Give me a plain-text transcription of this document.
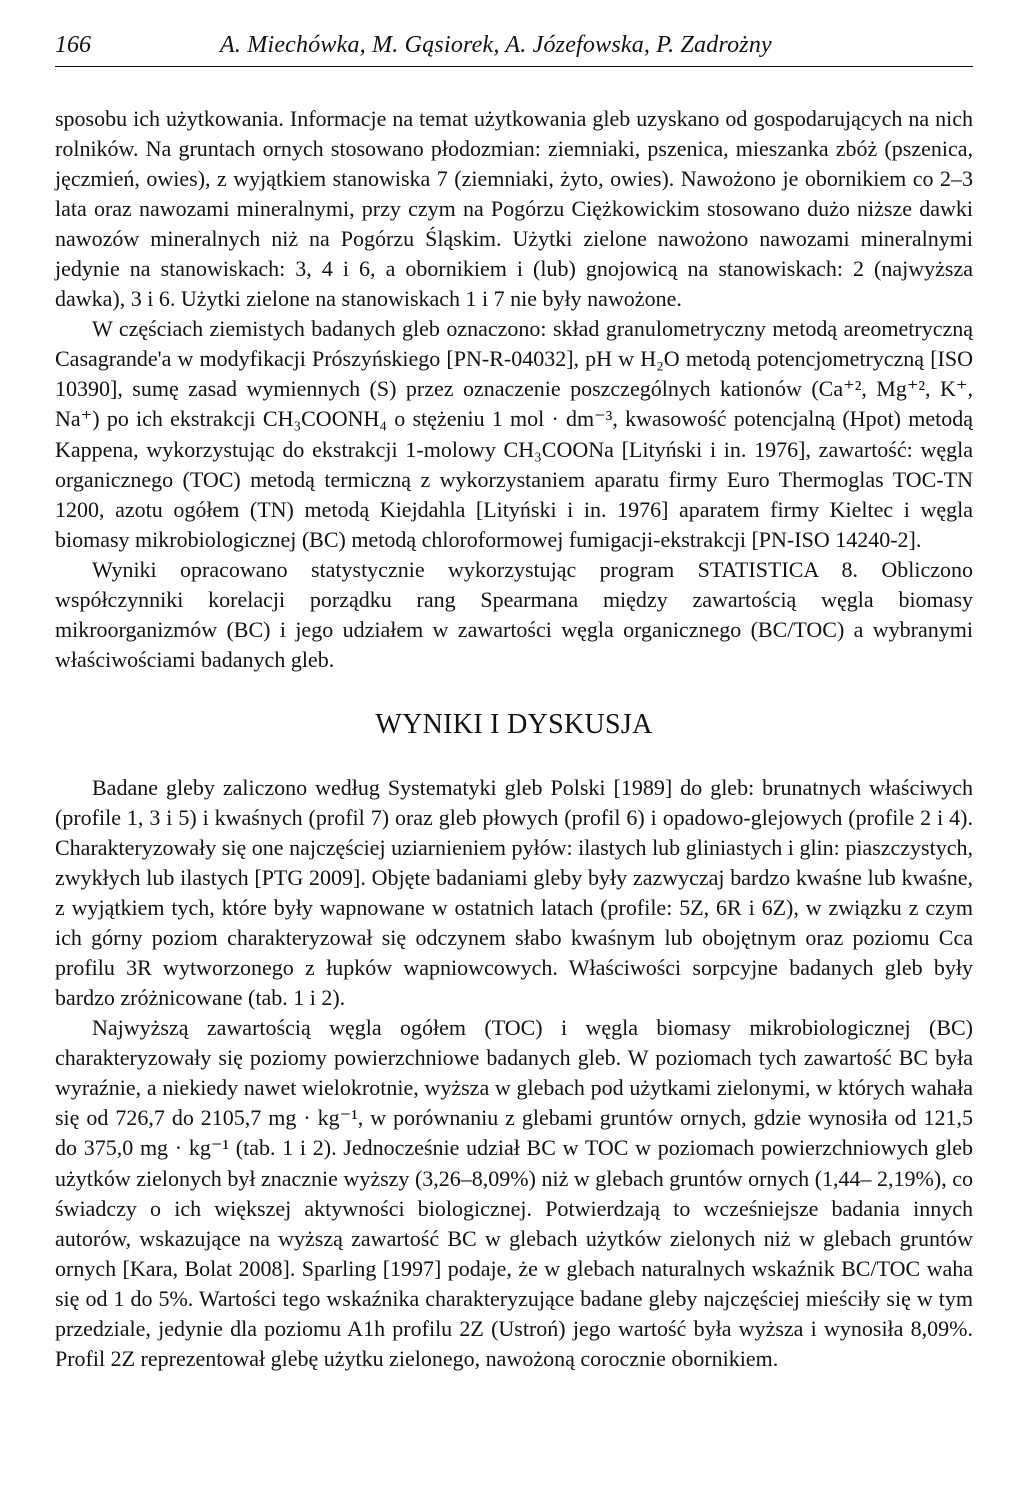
166	A. Miechówka, M. Gąsiorek, A. Józefowska, P. Zadrożny

sposobu ich użytkowania. Informacje na temat użytkowania gleb uzyskano od gospodarujących na nich rolników. Na gruntach ornych stosowano płodozmian: ziemniaki, pszenica, mieszanka zbóż (pszenica, jęczmień, owies), z wyjątkiem stanowiska 7 (ziemniaki, żyto, owies). Nawożono je obornikiem co 2–3 lata oraz nawozami mineralnymi, przy czym na Pogórzu Ciężkowickim stosowano dużo niższe dawki nawozów mineralnych niż na Pogórzu Śląskim. Użytki zielone nawożono nawozami mineralnymi jedynie na stanowiskach: 3, 4 i 6, a obornikiem i (lub) gnojowicą na stanowiskach: 2 (najwyższa dawka), 3 i 6. Użytki zielone na stanowiskach 1 i 7 nie były nawożone.

W częściach ziemistych badanych gleb oznaczono: skład granulometryczny metodą areometryczną Casagrande'a w modyfikacji Prószyńskiego [PN-R-04032], pH w H₂O metodą potencjometryczną [ISO 10390], sumę zasad wymiennych (S) przez oznaczenie poszczególnych kationów (Ca⁺², Mg⁺², K⁺, Na⁺) po ich ekstrakcji CH₃COONH₄ o stężeniu 1 mol · dm⁻³, kwasowość potencjalną (Hpot) metodą Kappena, wykorzystując do ekstrakcji 1-molowy CH₃COONa [Lityński i in. 1976], zawartość: węgla organicznego (TOC) metodą termiczną z wykorzystaniem aparatu firmy Euro Thermoglas TOC-TN 1200, azotu ogółem (TN) metodą Kiejdahla [Lityński i in. 1976] aparatem firmy Kieltec i węgla biomasy mikrobiologicznej (BC) metodą chloroformowej fumigacji-ekstrakcji [PN-ISO 14240-2].

Wyniki opracowano statystycznie wykorzystując program STATISTICA 8. Obliczono współczynniki korelacji porządku rang Spearmana między zawartością węgla biomasy mikroorganizmów (BC) i jego udziałem w zawartości węgla organicznego (BC/TOC) a wybranymi właściwościami badanych gleb.

WYNIKI I DYSKUSJA

Badane gleby zaliczono według Systematyki gleb Polski [1989] do gleb: brunatnych właściwych (profile 1, 3 i 5) i kwaśnych (profil 7) oraz gleb płowych (profil 6) i opadowo-glejowych (profile 2 i 4). Charakteryzowały się one najczęściej uziarnieniem pyłów: ilastych lub gliniastych i glin: piaszczystych, zwykłych lub ilastych [PTG 2009]. Objęte badaniami gleby były zazwyczaj bardzo kwaśne lub kwaśne, z wyjątkiem tych, które były wapnowane w ostatnich latach (profile: 5Z, 6R i 6Z), w związku z czym ich górny poziom charakteryzował się odczynem słabo kwaśnym lub obojętnym oraz poziomu Cca profilu 3R wytworzonego z łupków wapniowcowych. Właściwości sorpcyjne badanych gleb były bardzo zróżnicowane (tab. 1 i 2).

Najwyższą zawartością węgla ogółem (TOC) i węgla biomasy mikrobiologicznej (BC) charakteryzowały się poziomy powierzchniowe badanych gleb. W poziomach tych zawartość BC była wyraźnie, a niekiedy nawet wielokrotnie, wyższa w glebach pod użytkami zielonymi, w których wahała się od 726,7 do 2105,7 mg · kg⁻¹, w porównaniu z glebami gruntów ornych, gdzie wynosiła od 121,5 do 375,0 mg · kg⁻¹ (tab. 1 i 2). Jednocześnie udział BC w TOC w poziomach powierzchniowych gleb użytków zielonych był znacznie wyższy (3,26–8,09%) niż w glebach gruntów ornych (1,44– 2,19%), co świadczy o ich większej aktywności biologicznej. Potwierdzają to wcześniejsze badania innych autorów, wskazujące na wyższą zawartość BC w glebach użytków zielonych niż w glebach gruntów ornych [Kara, Bolat 2008]. Sparling [1997] podaje, że w glebach naturalnych wskaźnik BC/TOC waha się od 1 do 5%. Wartości tego wskaźnika charakteryzujące badane gleby najczęściej mieściły się w tym przedziale, jedynie dla poziomu A1h profilu 2Z (Ustroń) jego wartość była wyższa i wynosiła 8,09%. Profil 2Z reprezentował glebę użytku zielonego, nawożoną corocznie obornikiem.
